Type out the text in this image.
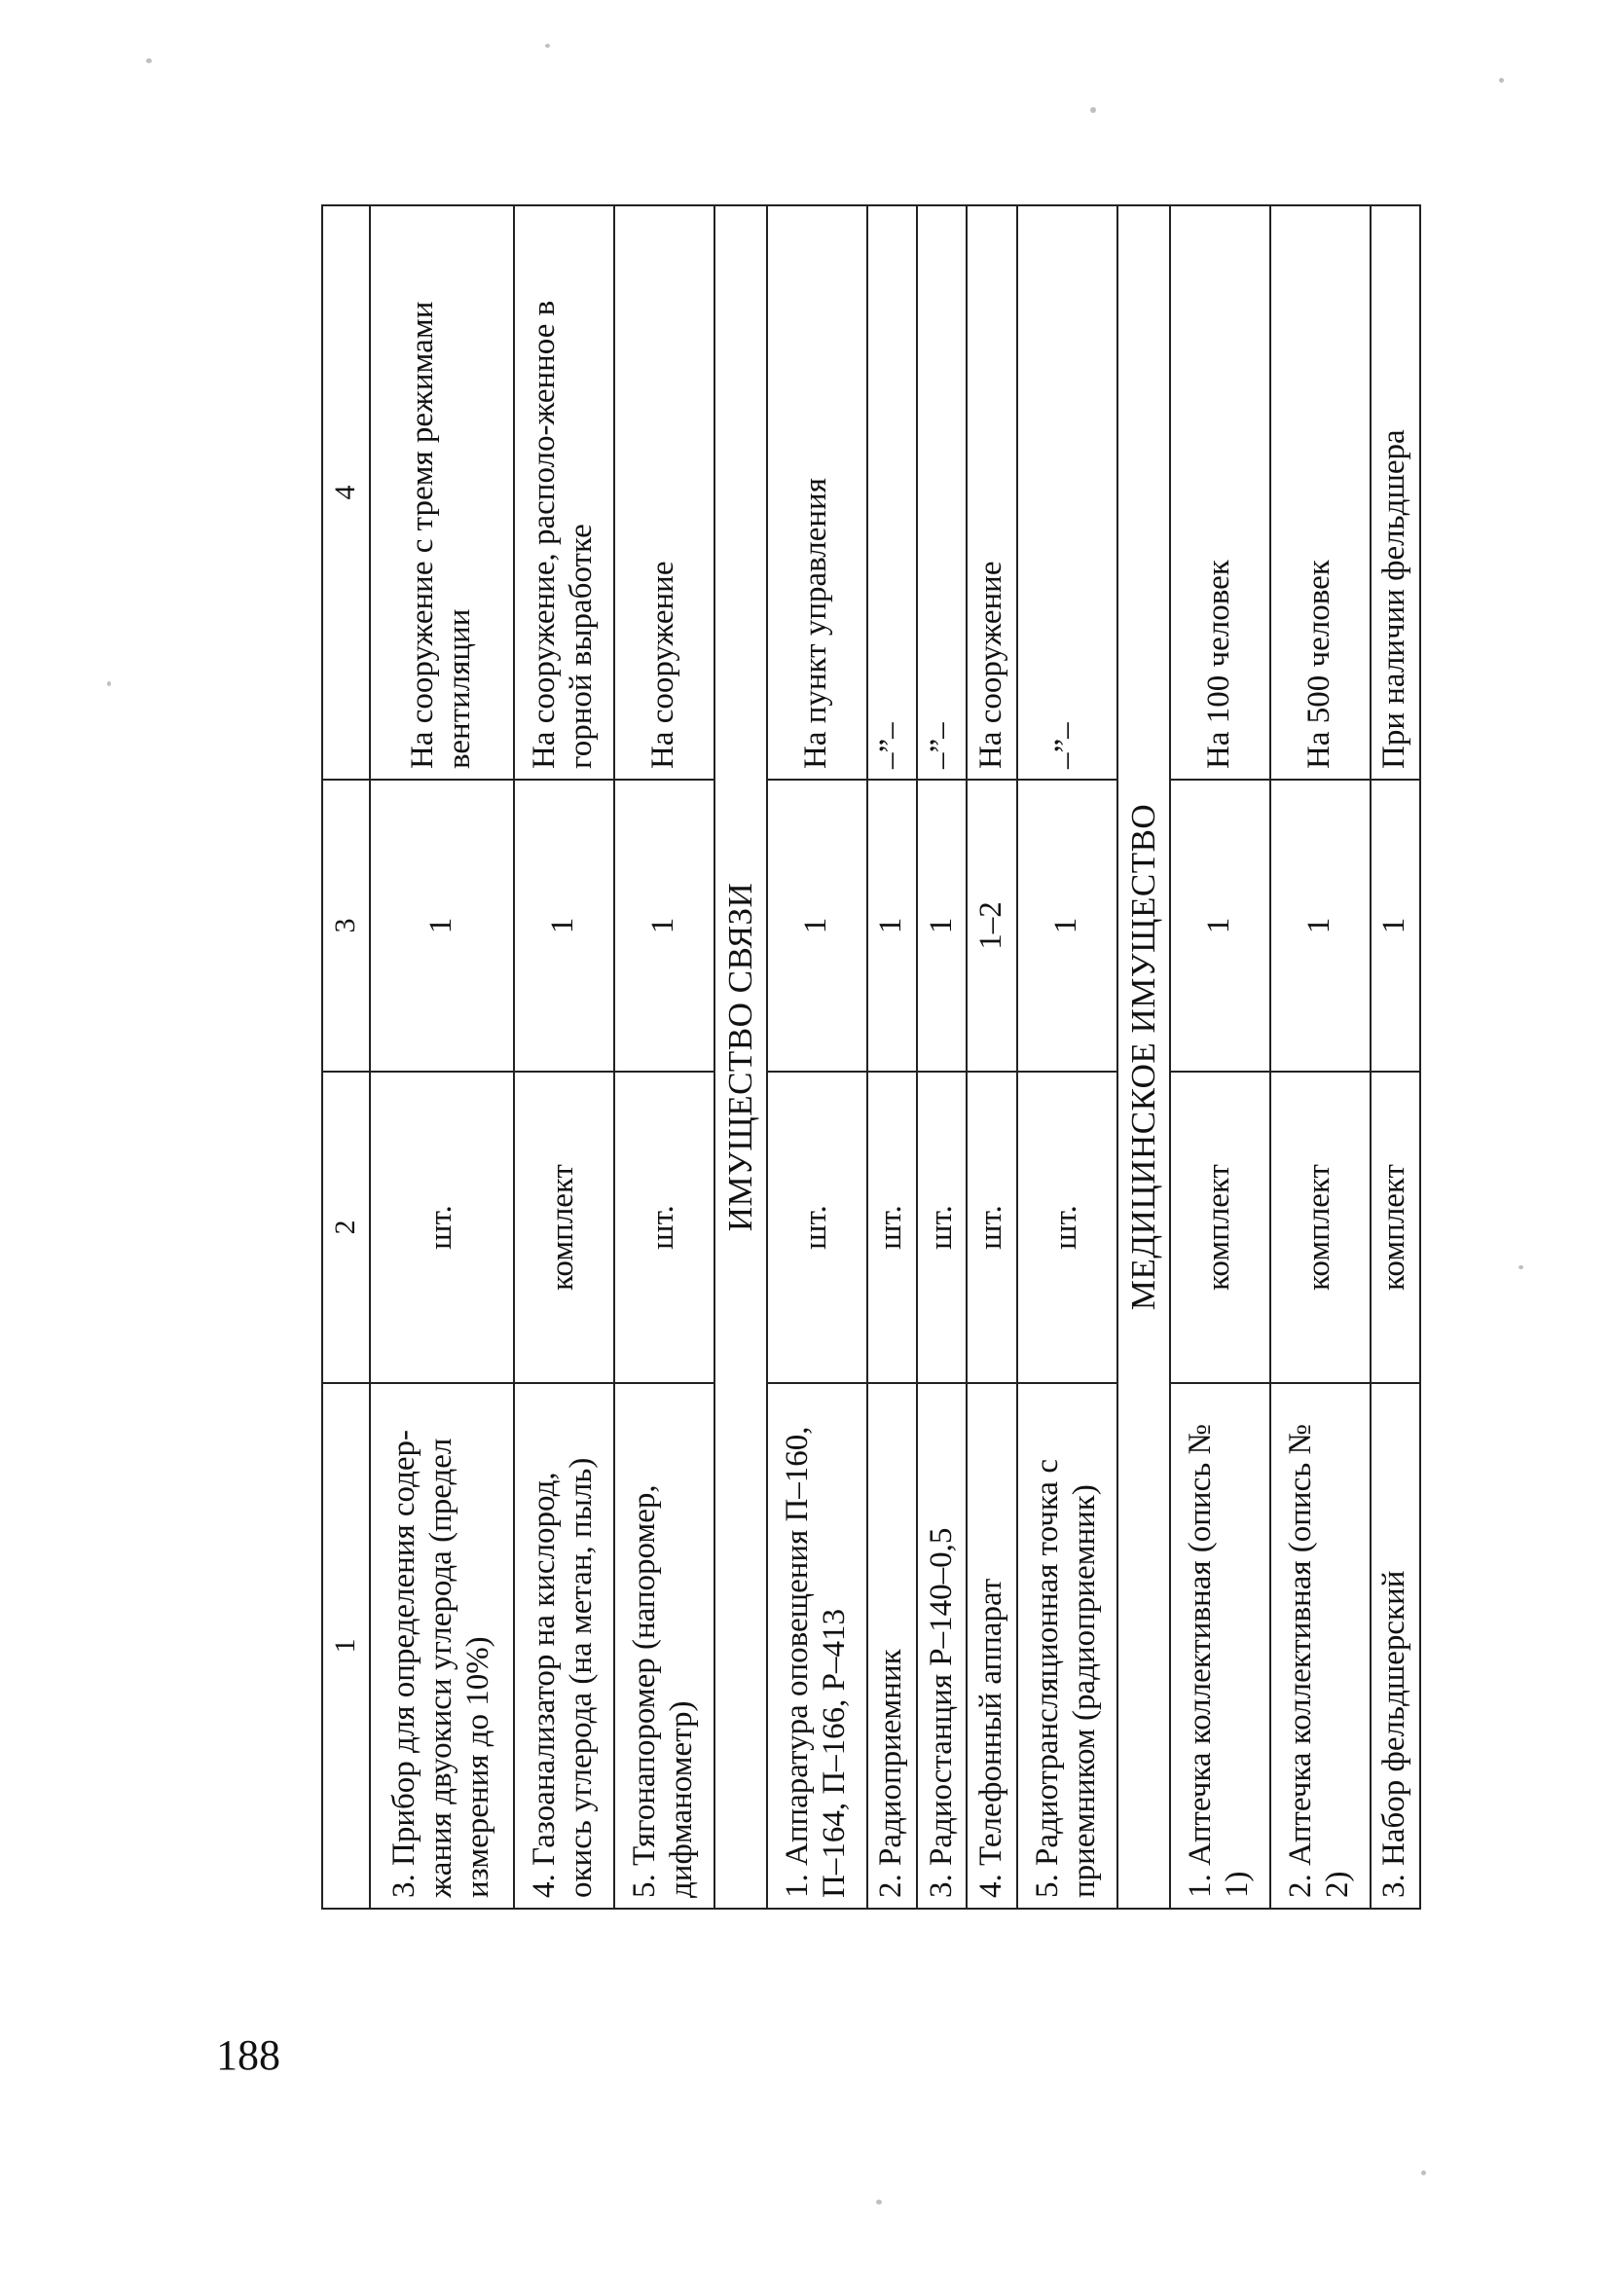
188
1	2	3	4
3. Прибор для определения содер-жания двуокиси углерода (предел измерения до 10%)	шт.	1	На сооружение с тремя режимами вентиляции
4. Газоанализатор на кислород, окись углерода (на метан, пыль)	комплект	1	На сооружение, располо-женное в горной выработке
5. Тягонапоромер (напоромер, дифманометр)	шт.	1	На сооружение
ИМУЩЕСТВО СВЯЗИ			
1. Аппаратура оповещения П–160, П–164, П–166, Р–413	шт.	1	На пункт управления
2. Радиоприемник	шт.	1	–”–
3. Радиостанция Р–140–0,5	шт.	1	–”–
4. Телефонный аппарат	шт.	1–2	На сооружение
5. Радиотрансляционная точка с приемником (радиоприемник)	шт.	1	–”–
МЕДИЦИНСКОЕ ИМУЩЕСТВО			
1. Аптечка коллективная (опись № 1)	комплект	1	На 100 человек
2. Аптечка коллективная (опись № 2)	комплект	1	На 500 человек
3. Набор фельдшерский	комплект	1	При наличии фельдшера
